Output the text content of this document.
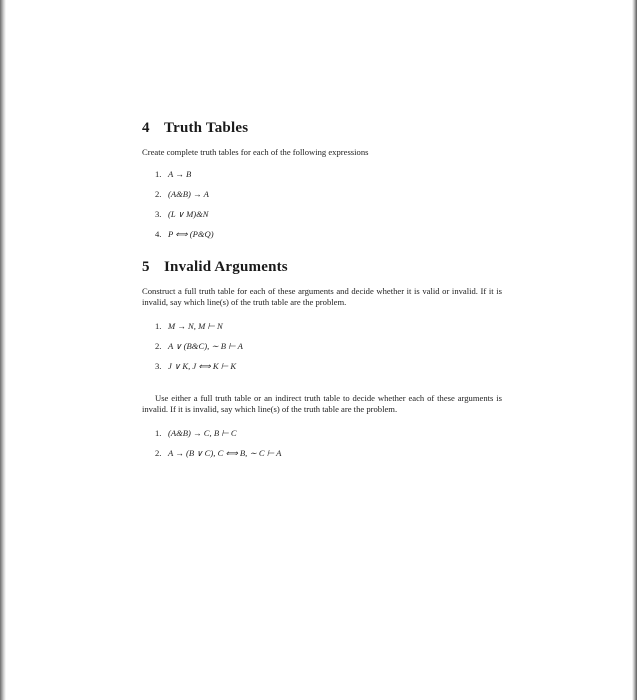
4 Truth Tables

Create complete truth tables for each of the following expressions

1. A → B
2. (A&B) → A
3. (L ∨ M)&N
4. P ⟺ (P&Q)
5 Invalid Arguments

Construct a full truth table for each of these arguments and decide whether it is valid or invalid. If it is invalid, say which line(s) of the truth table are the problem.

1. M → N, M ⊢ N
2. A ∨ (B&C), ∼ B ⊢ A
3. J ∨ K, J ⟺ K ⊢ K

Use either a full truth table or an indirect truth table to decide whether each of these arguments is invalid. If it is invalid, say which line(s) of the truth table are the problem.

1. (A&B) → C, B ⊢ C
2. A → (B ∨ C), C ⟺ B, ∼ C ⊢ A
